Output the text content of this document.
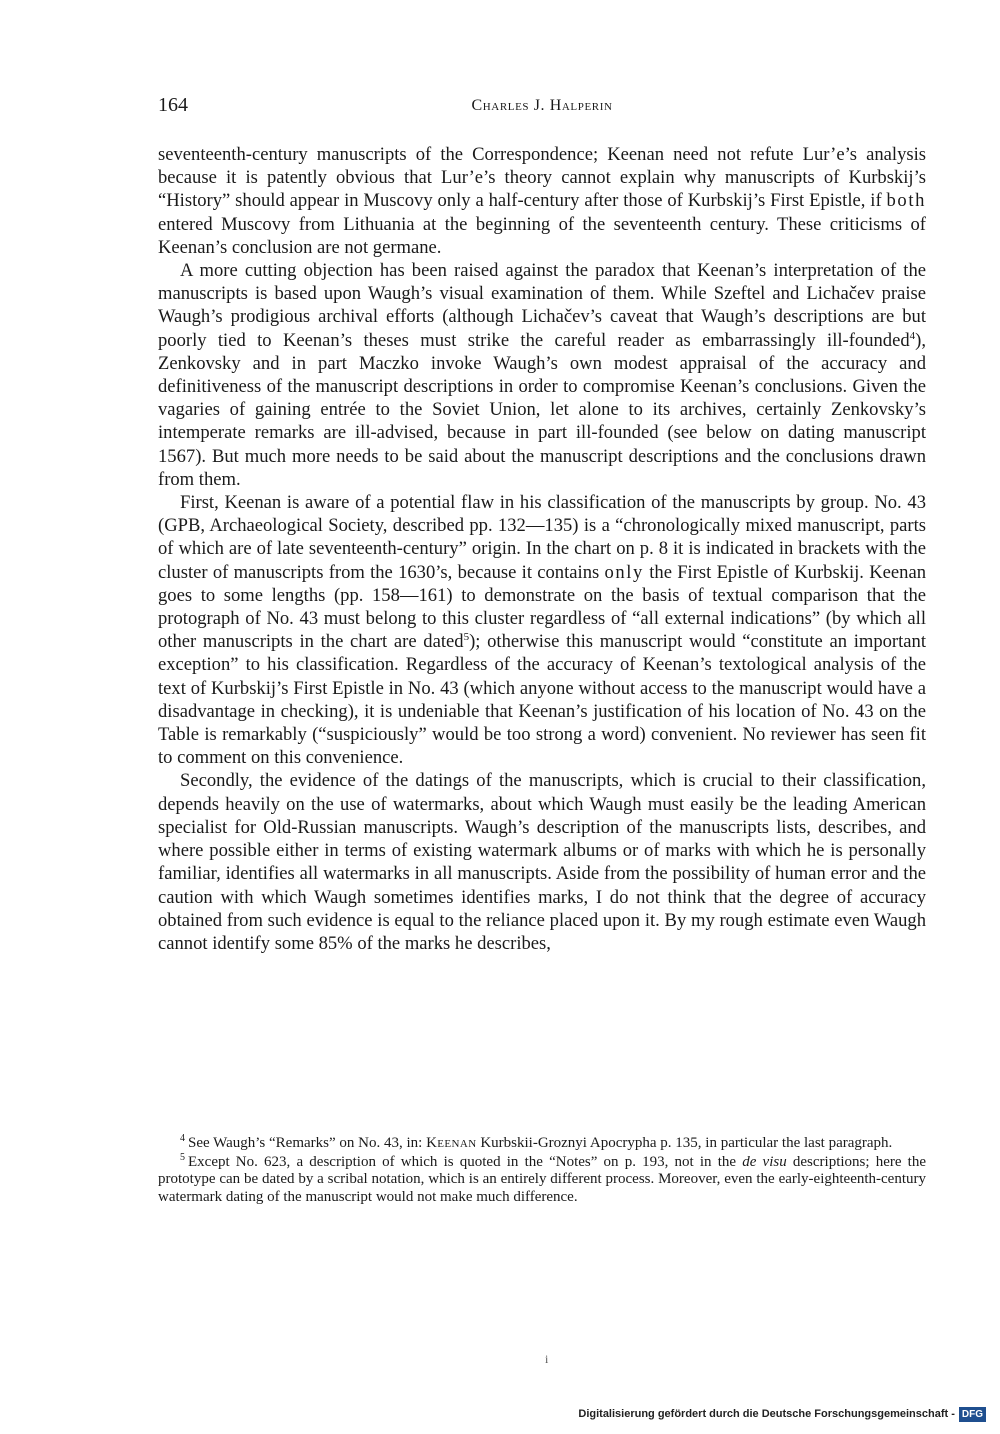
164	Charles J. Halperin

seventeenth-century manuscripts of the Correspondence; Keenan need not refute Lur’e’s analysis because it is patently obvious that Lur’e’s theory cannot explain why manuscripts of Kurbskij’s “History” should appear in Muscovy only a half-century after those of Kurbskij’s First Epistle, if both entered Muscovy from Lithuania at the beginning of the seventeenth century. These criticisms of Keenan’s conclusion are not germane.

A more cutting objection has been raised against the paradox that Keenan’s interpretation of the manuscripts is based upon Waugh’s visual examination of them. While Szeftel and Lichačev praise Waugh’s prodigious archival efforts (although Lichačev’s caveat that Waugh’s descriptions are but poorly tied to Keenan’s theses must strike the careful reader as embarrassingly ill-founded$^4$), Zenkovsky and in part Maczko invoke Waugh’s own modest appraisal of the accuracy and definitiveness of the manuscript descriptions in order to compromise Keenan’s conclusions. Given the vagaries of gaining entrée to the Soviet Union, let alone to its archives, certainly Zenkovsky’s intemperate remarks are ill-advised, because in part ill-founded (see below on dating manuscript 1567). But much more needs to be said about the manuscript descriptions and the conclusions drawn from them.

First, Keenan is aware of a potential flaw in his classification of the manuscripts by group. No. 43 (GPB, Archaeological Society, described pp. 132—135) is a “chronologically mixed manuscript, parts of which are of late seventeenth-century” origin. In the chart on p. 8 it is indicated in brackets with the cluster of manuscripts from the 1630’s, because it contains only the First Epistle of Kurbskij. Keenan goes to some lengths (pp. 158—161) to demonstrate on the basis of textual comparison that the protograph of No. 43 must belong to this cluster regardless of “all external indications” (by which all other manuscripts in the chart are dated$^5$); otherwise this manuscript would “constitute an important exception” to his classification. Regardless of the accuracy of Keenan’s textological analysis of the text of Kurbskij’s First Epistle in No. 43 (which anyone without access to the manuscript would have a disadvantage in checking), it is undeniable that Keenan’s justification of his location of No. 43 on the Table is remarkably (“suspiciously” would be too strong a word) convenient. No reviewer has seen fit to comment on this convenience.

Secondly, the evidence of the datings of the manuscripts, which is crucial to their classification, depends heavily on the use of watermarks, about which Waugh must easily be the leading American specialist for Old-Russian manuscripts. Waugh’s description of the manuscripts lists, describes, and where possible either in terms of existing watermark albums or of marks with which he is personally familiar, identifies all watermarks in all manuscripts. Aside from the possibility of human error and the caution with which Waugh sometimes identifies marks, I do not think that the degree of accuracy obtained from such evidence is equal to the reliance placed upon it. By my rough estimate even Waugh cannot identify some 85% of the marks he describes,

$^4$ See Waugh’s “Remarks” on No. 43, in: Keenan Kurbskii-Groznyi Apocrypha p. 135, in particular the last paragraph.

$^5$ Except No. 623, a description of which is quoted in the “Notes” on p. 193, not in the de visu descriptions; here the prototype can be dated by a scribal notation, which is an entirely different process. Moreover, even the early-eighteenth-century watermark dating of the manuscript would not make much difference.

i
Digitalisierung gefördert durch die Deutsche Forschungsgemeinschaft - DFG
